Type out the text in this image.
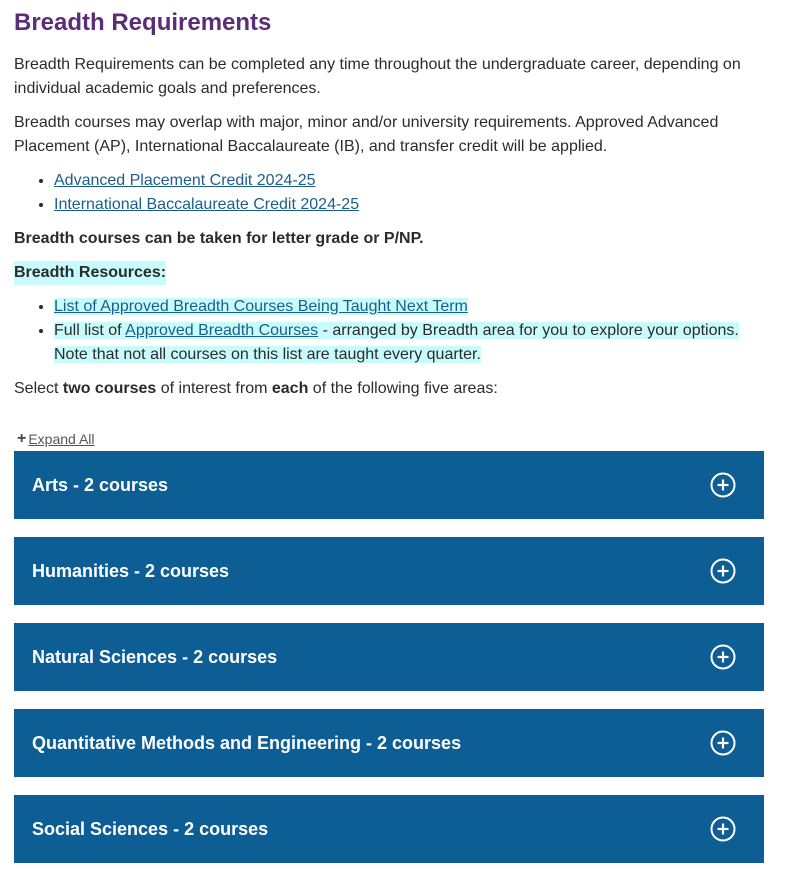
Breadth Requirements

Breadth Requirements can be completed any time throughout the undergraduate career, depending on individual academic goals and preferences.

Breadth courses may overlap with major, minor and/or university requirements. Approved Advanced Placement (AP), International Baccalaureate (IB), and transfer credit will be applied.

• Advanced Placement Credit 2024-25
• International Baccalaureate Credit 2024-25

Breadth courses can be taken for letter grade or P/NP.

Breadth Resources:

• List of Approved Breadth Courses Being Taught Next Term
• Full list of Approved Breadth Courses - arranged by Breadth area for you to explore your options. Note that not all courses on this list are taught every quarter.

Select two courses of interest from each of the following five areas:

+ Expand All
Arts - 2 courses
Humanities - 2 courses
Natural Sciences - 2 courses
Quantitative Methods and Engineering - 2 courses
Social Sciences - 2 courses
